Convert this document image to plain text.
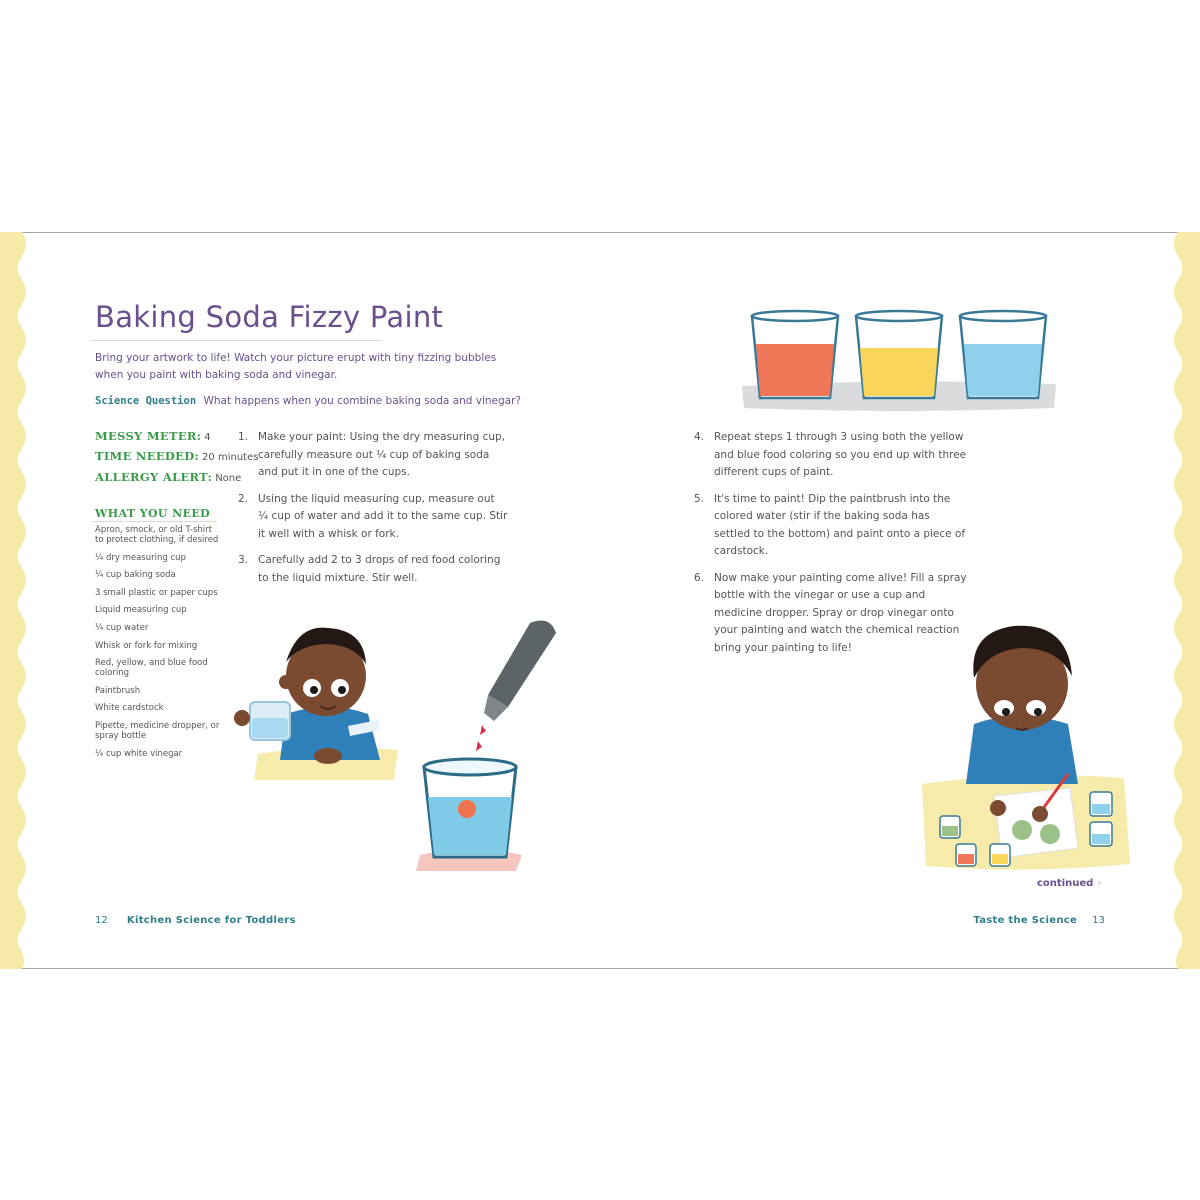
Baking Soda Fizzy Paint
Bring your artwork to life! Watch your picture erupt with tiny fizzing bubbles when you paint with baking soda and vinegar.
Science Question What happens when you combine baking soda and vinegar?
MESSY METER: 4
TIME NEEDED: 20 minutes
ALLERGY ALERT: None
WHAT YOU NEED
Apron, smock, or old T-shirt to protect clothing, if desired
¼ dry measuring cup
¼ cup baking soda
3 small plastic or paper cups
Liquid measuring cup
¼ cup water
Whisk or fork for mixing
Red, yellow, and blue food coloring
Paintbrush
White cardstock
Pipette, medicine dropper, or spray bottle
¼ cup white vinegar
1. Make your paint: Using the dry measuring cup, carefully measure out ¼ cup of baking soda and put it in one of the cups.
2. Using the liquid measuring cup, measure out ¼ cup of water and add it to the same cup. Stir it well with a whisk or fork.
3. Carefully add 2 to 3 drops of red food coloring to the liquid mixture. Stir well.
4. Repeat steps 1 through 3 using both the yellow and blue food coloring so you end up with three different cups of paint.
5. It's time to paint! Dip the paintbrush into the colored water (stir if the baking soda has settled to the bottom) and paint onto a piece of cardstock.
6. Now make your painting come alive! Fill a spray bottle with the vinegar or use a cup and medicine dropper. Spray or drop vinegar onto your painting and watch the chemical reaction bring your painting to life!
continued ›
12 Kitchen Science for Toddlers	Taste the Science 13
